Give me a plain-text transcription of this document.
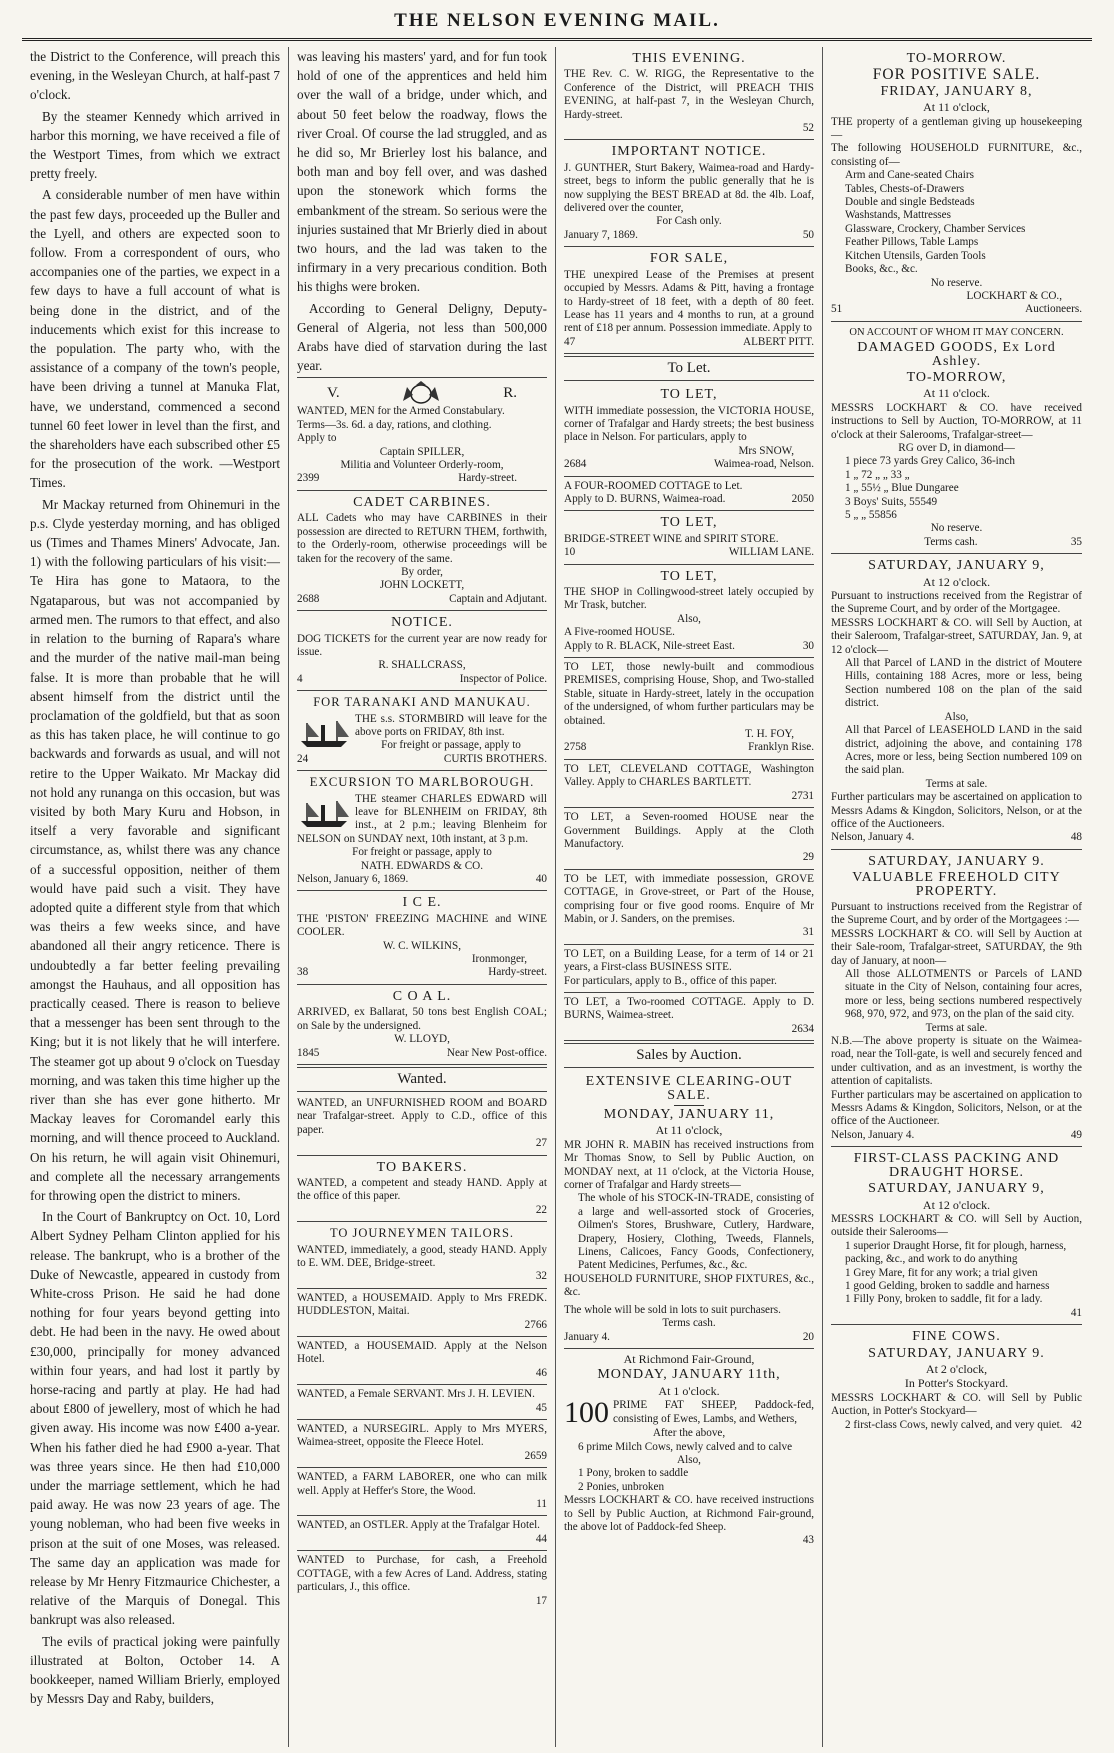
THE NELSON EVENING MAIL.

the District to the Conference, will preach this evening, in the Wesleyan Church, at half-past 7 o'clock.

By the steamer Kennedy which arrived in harbor this morning, we have received a file of the Westport Times, from which we extract pretty freely.

A considerable number of men have within the past few days, proceeded up the Buller and the Lyell, and others are expected soon to follow. From a correspondent of ours, who accompanies one of the parties, we expect in a few days to have a full account of what is being done in the district, and of the inducements which exist for this increase to the population. The party who, with the assistance of a company of the town's people, have been driving a tunnel at Manuka Flat, have, we understand, commenced a second tunnel 60 feet lower in level than the first, and the shareholders have each subscribed other £5 for the prosecution of the work. —Westport Times.

Mr Mackay returned from Ohinemuri in the p.s. Clyde yesterday morning, and has obliged us (Times and Thames Miners' Advocate, Jan. 1) with the following particulars of his visit:—Te Hira has gone to Mataora, to the Ngataparous, but was not accompanied by armed men. The rumors to that effect, and also in relation to the burning of Rapara's whare and the murder of the native mail-man being false. It is more than probable that he will absent himself from the district until the proclamation of the goldfield, but that as soon as this has taken place, he will continue to go backwards and forwards as usual, and will not retire to the Upper Waikato. Mr Mackay did not hold any runanga on this occasion, but was visited by both Mary Kuru and Hobson, in itself a very favorable and significant circumstance, as, whilst there was any chance of a successful opposition, neither of them would have paid such a visit. They have adopted quite a different style from that which was theirs a few weeks since, and have abandoned all their angry reticence. There is undoubtedly a far better feeling prevailing amongst the Hauhaus, and all opposition has practically ceased. There is reason to believe that a messenger has been sent through to the King; but it is not likely that he will interfere. The steamer got up about 9 o'clock on Tuesday morning, and was taken this time higher up the river than she has ever gone hitherto. Mr Mackay leaves for Coromandel early this morning, and will thence proceed to Auckland. On his return, he will again visit Ohinemuri, and complete all the necessary arrangements for throwing open the district to miners.

In the Court of Bankruptcy on Oct. 10, Lord Albert Sydney Pelham Clinton applied for his release. The bankrupt, who is a brother of the Duke of Newcastle, appeared in custody from White-cross Prison. He said he had done nothing for four years beyond getting into debt. He had been in the navy. He owed about £30,000, principally for money advanced within four years, and had lost it partly by horse-racing and partly at play. He had had about £800 of jewellery, most of which he had given away. His income was now £400 a-year. When his father died he had £900 a-year. That was three years since. He then had £10,000 under the marriage settlement, which he had paid away. He was now 23 years of age. The young nobleman, who had been five weeks in prison at the suit of one Moses, was released. The same day an application was made for release by Mr Henry Fitzmaurice Chichester, a relative of the Marquis of Donegal. This bankrupt was also released.

The evils of practical joking were painfully illustrated at Bolton, October 14. A bookkeeper, named William Brierly, employed by Messrs Day and Raby, builders,

was leaving his masters' yard, and for fun took hold of one of the apprentices and held him over the wall of a bridge, under which, and about 50 feet below the roadway, flows the river Croal. Of course the lad struggled, and as he did so, Mr Brierley lost his balance, and both man and boy fell over, and was dashed upon the stonework which forms the embankment of the stream. So serious were the injuries sustained that Mr Brierly died in about two hours, and the lad was taken to the infirmary in a very precarious condition. Both his thighs were broken.

According to General Deligny, Deputy-General of Algeria, not less than 500,000 Arabs have died of starvation during the last year.

V.	R.
WANTED, MEN for the Armed Constabulary.
Terms—3s. 6d. a day, rations, and clothing.
Apply to
Captain SPILLER,
Militia and Volunteer Orderly-room,
2399	Hardy-street.
CADET CARBINES.
ALL Cadets who may have CARBINES in their possession are directed to RETURN THEM, forthwith, to the Orderly-room, otherwise proceedings will be taken for the recovery of the same.
By order,
JOHN LOCKETT,
2688	Captain and Adjutant.
NOTICE.
DOG TICKETS for the current year are now ready for issue.
R. SHALLCRASS,
4	Inspector of Police.
FOR TARANAKI AND MANUKAU.
THE s.s. STORMBIRD will leave for the above ports on FRIDAY, 8th inst.
For freight or passage, apply to
24	CURTIS BROTHERS.
EXCURSION TO MARLBOROUGH.
THE steamer CHARLES EDWARD will leave for BLENHEIM on FRIDAY, 8th inst., at 2 p.m.; leaving Blenheim for NELSON on SUNDAY next, 10th instant, at 3 p.m.
For freight or passage, apply to
NATH. EDWARDS & CO.
Nelson, January 6, 1869.	40
I C E.
THE 'PISTON' FREEZING MACHINE and WINE COOLER.
W. C. WILKINS,
Ironmonger,
38	Hardy-street.
C O A L.
ARRIVED, ex Ballarat, 50 tons best English COAL; on Sale by the undersigned.
W. LLOYD,
1845	Near New Post-office.
Wanted.
WANTED, an UNFURNISHED ROOM and BOARD near Trafalgar-street. Apply to C.D., office of this paper.
27
TO BAKERS.
WANTED, a competent and steady HAND. Apply at the office of this paper.
22
TO JOURNEYMEN TAILORS.
WANTED, immediately, a good, steady HAND. Apply to E. WM. DEE, Bridge-street.
32
WANTED, a HOUSEMAID. Apply to Mrs FREDK. HUDDLESTON, Maitai.
2766
WANTED, a HOUSEMAID. Apply at the Nelson Hotel.
46
WANTED, a Female SERVANT. Mrs J. H. LEVIEN.
45
WANTED, a NURSEGIRL. Apply to Mrs MYERS, Waimea-street, opposite the Fleece Hotel.
2659
WANTED, a FARM LABORER, one who can milk well. Apply at Heffer's Store, the Wood.
11
WANTED, an OSTLER. Apply at the Trafalgar Hotel.
44
WANTED to Purchase, for cash, a Freehold COTTAGE, with a few Acres of Land. Address, stating particulars, J., this office.
17
THIS EVENING.
THE Rev. C. W. RIGG, the Representative to the Conference of the District, will PREACH THIS EVENING, at half-past 7, in the Wesleyan Church, Hardy-street.
52
IMPORTANT NOTICE.
J. GUNTHER, Sturt Bakery, Waimea-road and Hardy-street, begs to inform the public generally that he is now supplying the BEST BREAD at 8d. the 4lb. Loaf, delivered over the counter,
For Cash only.
January 7, 1869.	50
FOR SALE,
THE unexpired Lease of the Premises at present occupied by Messrs. Adams & Pitt, having a frontage to Hardy-street of 18 feet, with a depth of 80 feet. Lease has 11 years and 4 months to run, at a ground rent of £18 per annum. Possession immediate. Apply to
47	ALBERT PITT.
To Let.
TO LET,
WITH immediate possession, the VICTORIA HOUSE, corner of Trafalgar and Hardy streets; the best business place in Nelson. For particulars, apply to
Mrs SNOW,
2684	Waimea-road, Nelson.
A FOUR-ROOMED COTTAGE to Let.
Apply to D. BURNS, Waimea-road.	2050
TO LET,
BRIDGE-STREET WINE and SPIRIT STORE.
10	WILLIAM LANE.
TO LET,
THE SHOP in Collingwood-street lately occupied by Mr Trask, butcher.
Also,
A Five-roomed HOUSE.
Apply to R. BLACK, Nile-street East.	30
TO LET, those newly-built and commodious PREMISES, comprising House, Shop, and Two-stalled Stable, situate in Hardy-street, lately in the occupation of the undersigned, of whom further particulars may be obtained.
T. H. FOY,
2758	Franklyn Rise.
TO LET, CLEVELAND COTTAGE, Washington Valley. Apply to CHARLES BARTLETT.
2731
TO LET, a Seven-roomed HOUSE near the Government Buildings. Apply at the Cloth Manufactory.
29
TO be LET, with immediate possession, GROVE COTTAGE, in Grove-street, or Part of the House, comprising four or five good rooms. Enquire of Mr Mabin, or J. Sanders, on the premises.
31
TO LET, on a Building Lease, for a term of 14 or 21 years, a First-class BUSINESS SITE.
For particulars, apply to B., office of this paper.
TO LET, a Two-roomed COTTAGE. Apply to D. BURNS, Waimea-street.
2634
Sales by Auction.
EXTENSIVE CLEARING-OUT SALE.
MONDAY, JANUARY 11,
At 11 o'clock,
MR JOHN R. MABIN has received instructions from Mr Thomas Snow, to Sell by Public Auction, on MONDAY next, at 11 o'clock, at the Victoria House, corner of Trafalgar and Hardy streets—
The whole of his STOCK-IN-TRADE, consisting of a large and well-assorted stock of Groceries, Oilmen's Stores, Brushware, Cutlery, Hardware, Drapery, Hosiery, Clothing, Tweeds, Flannels, Linens, Calicoes, Fancy Goods, Confectionery, Patent Medicines, Perfumes, &c., &c.
HOUSEHOLD FURNITURE, SHOP FIXTURES, &c., &c.
The whole will be sold in lots to suit purchasers.
Terms cash.
January 4.	20
At Richmond Fair-Ground,
MONDAY, JANUARY 11th,
At 1 o'clock.
100 PRIME FAT SHEEP, Paddock-fed, consisting of Ewes, Lambs, and Wethers,
After the above,
6 prime Milch Cows, newly calved and to calve
Also,
1 Pony, broken to saddle
2 Ponies, unbroken
Messrs LOCKHART & CO. have received instructions to Sell by Public Auction, at Richmond Fair-ground, the above lot of Paddock-fed Sheep.
43
TO-MORROW.
FOR POSITIVE SALE.
FRIDAY, JANUARY 8,
At 11 o'clock,
THE property of a gentleman giving up housekeeping—
The following HOUSEHOLD FURNITURE, &c., consisting of—
Arm and Cane-seated Chairs
Tables, Chests-of-Drawers
Double and single Bedsteads
Washstands, Mattresses
Glassware, Crockery, Chamber Services
Feather Pillows, Table Lamps
Kitchen Utensils, Garden Tools
Books, &c., &c.
No reserve.
LOCKHART & CO.,
51	Auctioneers.
ON ACCOUNT OF WHOM IT MAY CONCERN.
DAMAGED GOODS, Ex Lord Ashley.
TO-MORROW,
At 11 o'clock.
MESSRS LOCKHART & CO. have received instructions to Sell by Auction, TO-MORROW, at 11 o'clock at their Salerooms, Trafalgar-street—
RG over D, in diamond—
1 piece 73 yards Grey Calico, 36-inch
1 „ 72 „ „ 33 „
1 „ 55½ „ Blue Dungaree
3 Boys' Suits, 55549
5 „ „ 55856
No reserve.
Terms cash.	35
SATURDAY, JANUARY 9,
At 12 o'clock.
Pursuant to instructions received from the Registrar of the Supreme Court, and by order of the Mortgagee.
MESSRS LOCKHART & CO. will Sell by Auction, at their Saleroom, Trafalgar-street, SATURDAY, Jan. 9, at 12 o'clock—
All that Parcel of LAND in the district of Moutere Hills, containing 188 Acres, more or less, being Section numbered 108 on the plan of the said district.
Also,
All that Parcel of LEASEHOLD LAND in the said district, adjoining the above, and containing 178 Acres, more or less, being Section numbered 109 on the said plan.
Terms at sale.
Further particulars may be ascertained on application to Messrs Adams & Kingdon, Solicitors, Nelson, or at the office of the Auctioneers.
Nelson, January 4.	48
SATURDAY, JANUARY 9.
VALUABLE FREEHOLD CITY PROPERTY.
Pursuant to instructions received from the Registrar of the Supreme Court, and by order of the Mortgagees :—
MESSRS LOCKHART & CO. will Sell by Auction at their Sale-room, Trafalgar-street, SATURDAY, the 9th day of January, at noon—
All those ALLOTMENTS or Parcels of LAND situate in the City of Nelson, containing four acres, more or less, being sections numbered respectively 968, 970, 972, and 973, on the plan of the said city.
Terms at sale.
N.B.—The above property is situate on the Waimea-road, near the Toll-gate, is well and securely fenced and under cultivation, and as an investment, is worthy the attention of capitalists.
Further particulars may be ascertained on application to Messrs Adams & Kingdon, Solicitors, Nelson, or at the office of the Auctioneer.
Nelson, January 4.	49
FIRST-CLASS PACKING AND DRAUGHT HORSE.
SATURDAY, JANUARY 9,
At 12 o'clock.
MESSRS LOCKHART & CO. will Sell by Auction, outside their Salerooms—
1 superior Draught Horse, fit for plough, harness, packing, &c., and work to do anything
1 Grey Mare, fit for any work; a trial given
1 good Gelding, broken to saddle and harness
1 Filly Pony, broken to saddle, fit for a lady.
41
FINE COWS.
SATURDAY, JANUARY 9.
At 2 o'clock,
In Potter's Stockyard.
MESSRS LOCKHART & CO. will Sell by Public Auction, in Potter's Stockyard—
2 first-class Cows, newly calved, and very quiet. 42
